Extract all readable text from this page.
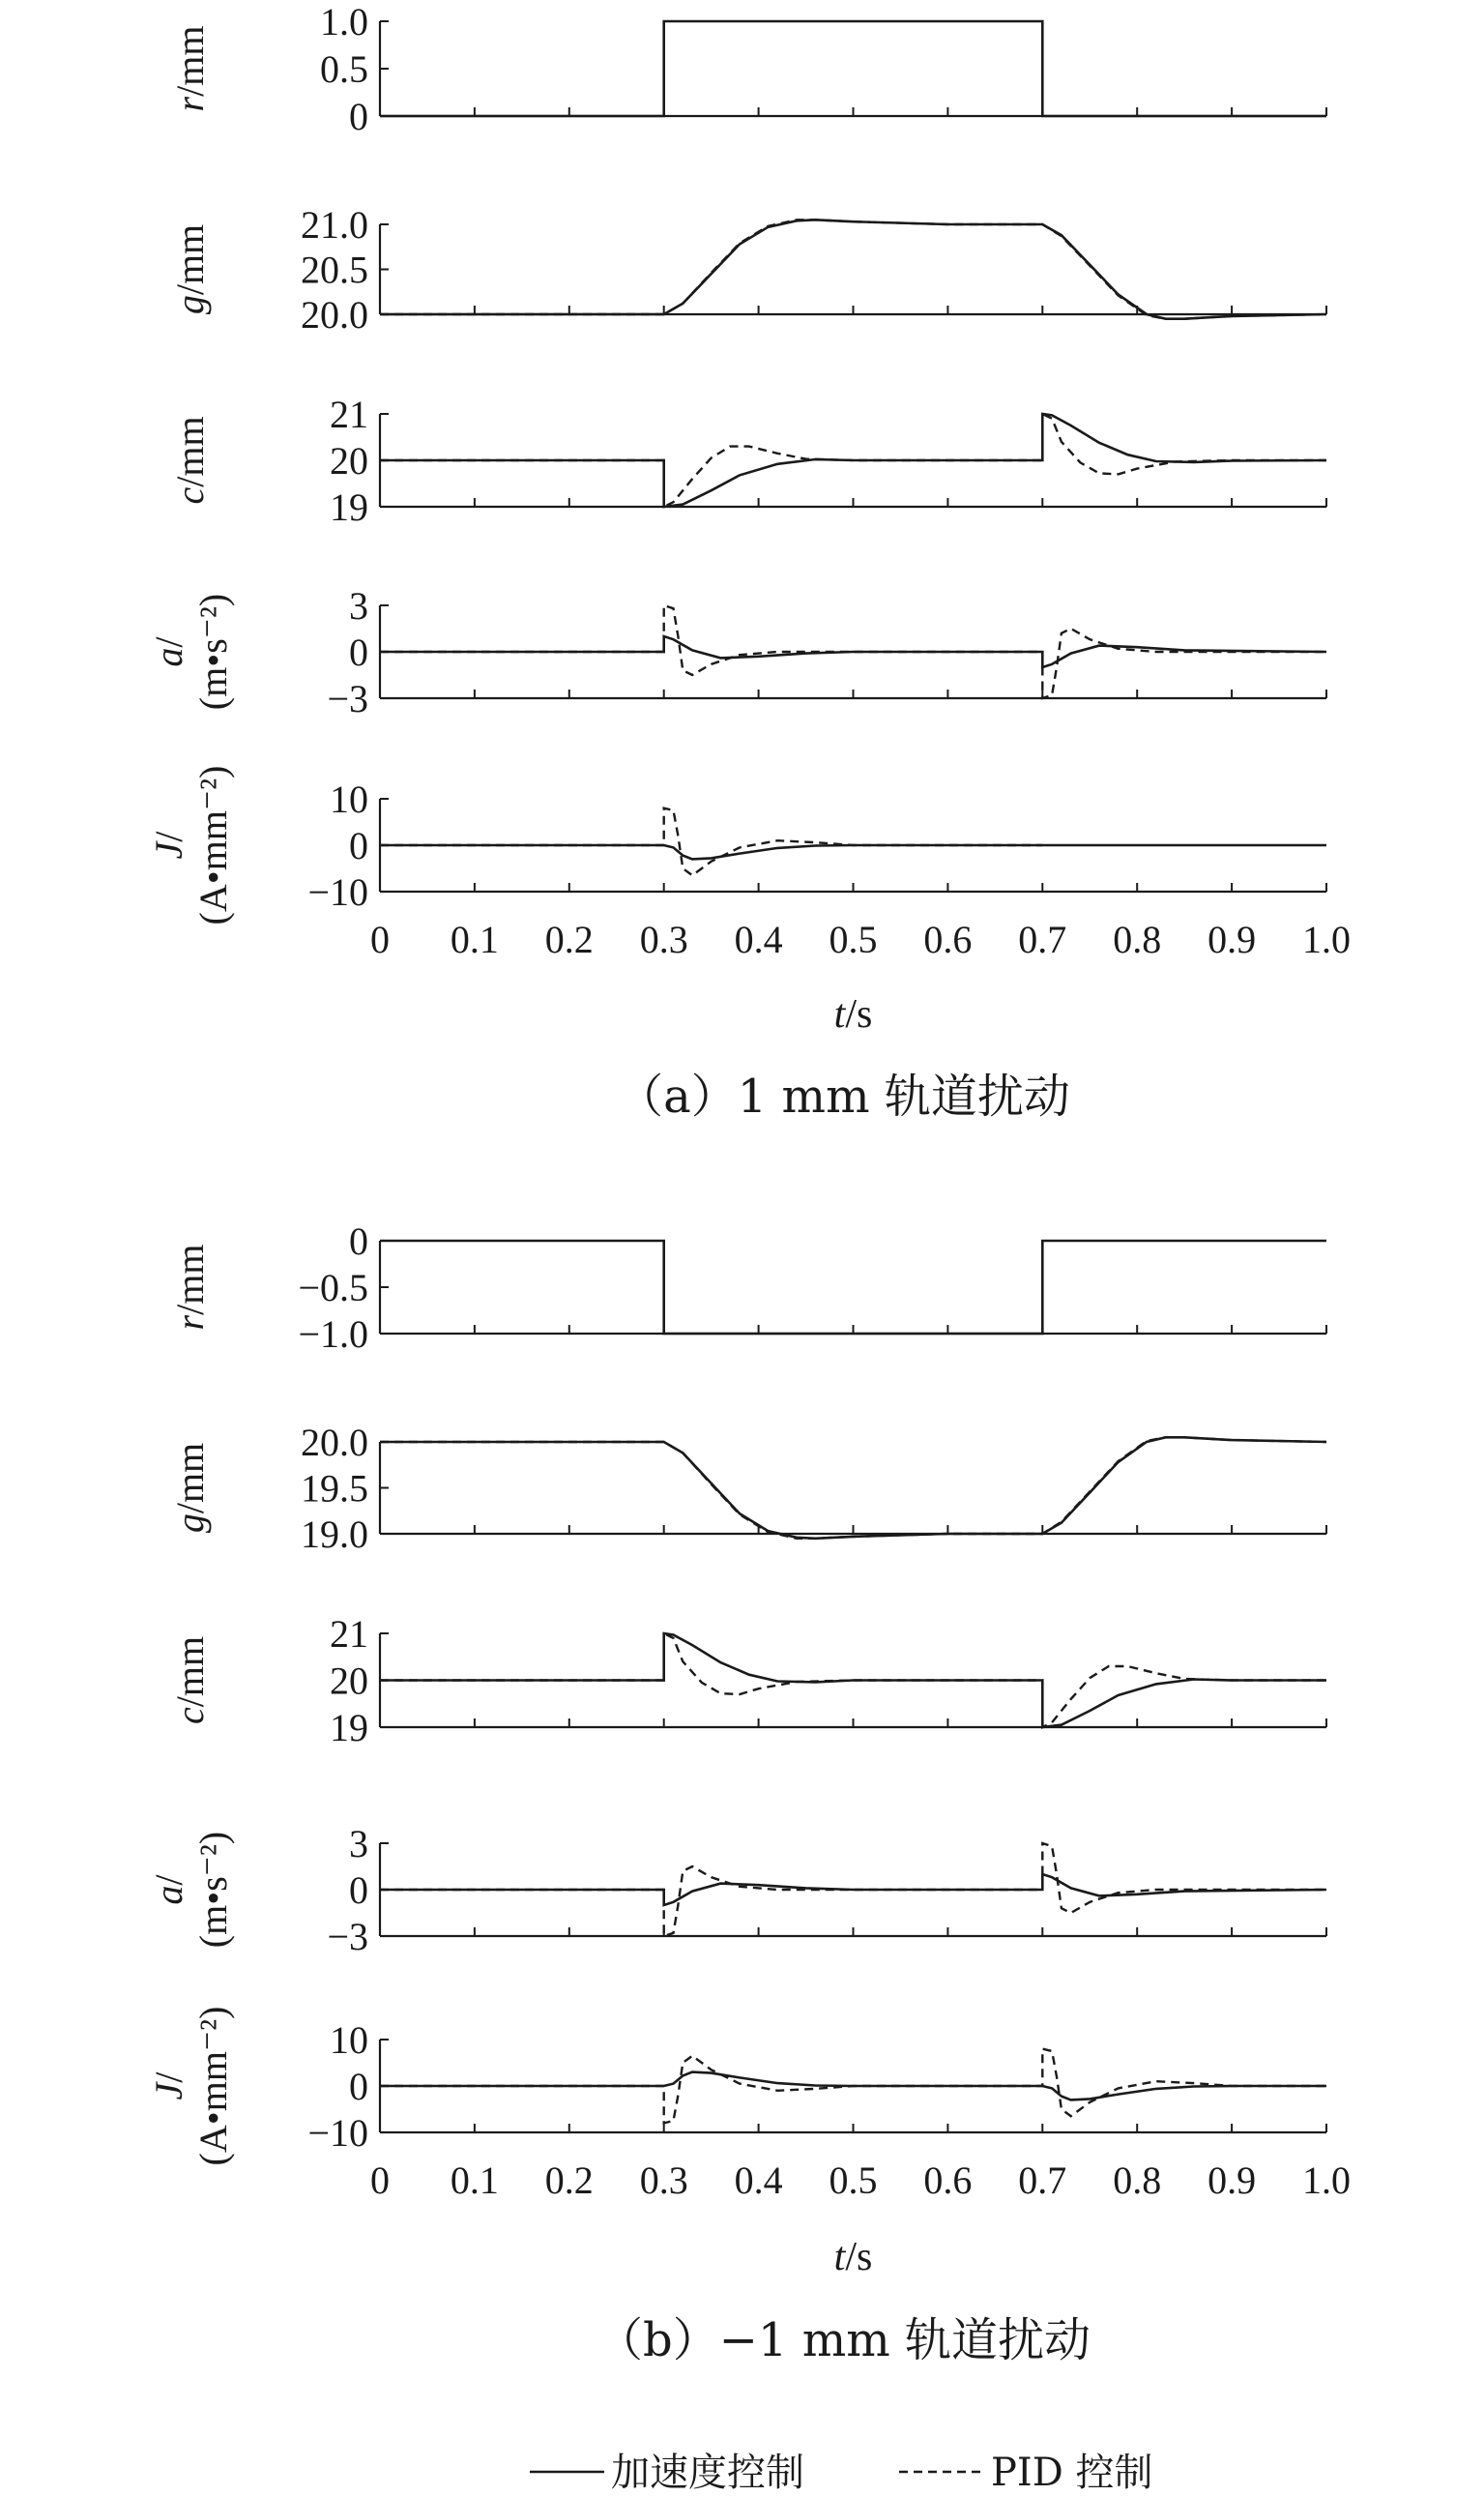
0
0.5
1.0
r/mm
20.0
20.5
21.0
g/mm
19
20
21
c/mm
−3
0
3
a/(m•s⁻²)
−10
0
10
J/(A•mm⁻²)
0 0.1 0.2 0.3 0.4 0.5 0.6 0.7 0.8 0.9 1.0
t/s
（a）1 mm 轨道扰动
−1.0
−0.5
0
r/mm
19.0
19.5
20.0
g/mm
19
20
21
c/mm
−3
0
3
a/(m•s⁻²)
−10
0
10
J/(A•mm⁻²)
0 0.1 0.2 0.3 0.4 0.5 0.6 0.7 0.8 0.9 1.0
t/s
（b）−1 mm 轨道扰动
加速度控制	PID 控制
